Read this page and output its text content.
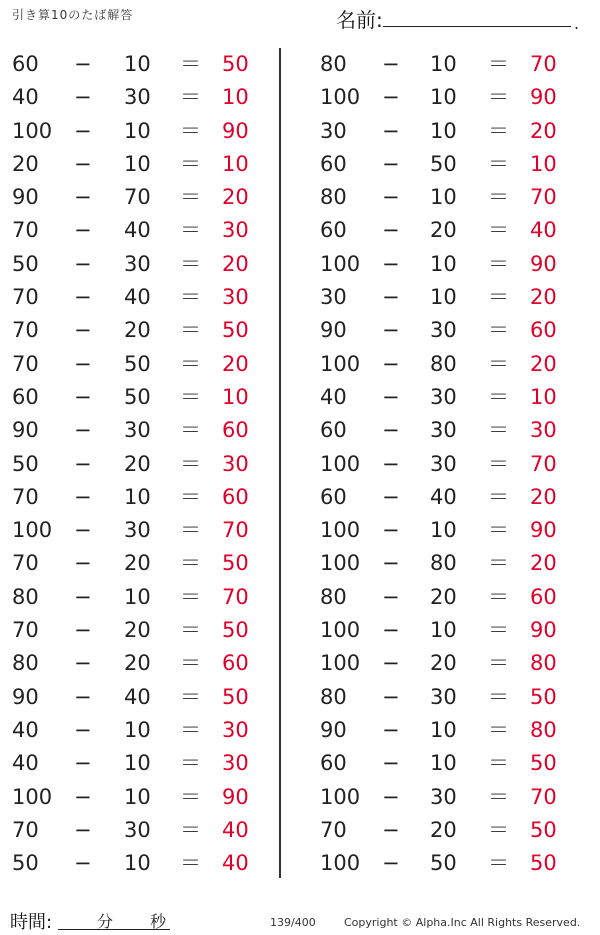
引き算10のたば解答	名前:	.
60 − 10 ＝ 50
40 − 30 ＝ 10
100 − 10 ＝ 90
20 − 10 ＝ 10
90 − 70 ＝ 20
70 − 40 ＝ 30
50 − 30 ＝ 20
70 − 40 ＝ 30
70 − 20 ＝ 50
70 − 50 ＝ 20
60 − 50 ＝ 10
90 − 30 ＝ 60
50 − 20 ＝ 30
70 − 10 ＝ 60
100 − 30 ＝ 70
70 − 20 ＝ 50
80 − 10 ＝ 70
70 − 20 ＝ 50
80 − 20 ＝ 60
90 − 40 ＝ 50
40 − 10 ＝ 30
40 − 10 ＝ 30
100 − 10 ＝ 90
70 − 30 ＝ 40
50 − 10 ＝ 40
80 − 10 ＝ 70
100 − 10 ＝ 90
30 − 10 ＝ 20
60 − 50 ＝ 10
80 − 10 ＝ 70
60 − 20 ＝ 40
100 − 10 ＝ 90
30 − 10 ＝ 20
90 − 30 ＝ 60
100 − 80 ＝ 20
40 − 30 ＝ 10
60 − 30 ＝ 30
100 − 30 ＝ 70
60 − 40 ＝ 20
100 − 10 ＝ 90
100 − 80 ＝ 20
80 − 20 ＝ 60
100 − 10 ＝ 90
100 − 20 ＝ 80
80 − 30 ＝ 50
90 − 10 ＝ 80
60 − 10 ＝ 50
100 − 30 ＝ 70
70 − 20 ＝ 50
100 − 50 ＝ 50
時間:	分 秒	139/400	Copyright © Alpha.Inc All Rights Reserved.
